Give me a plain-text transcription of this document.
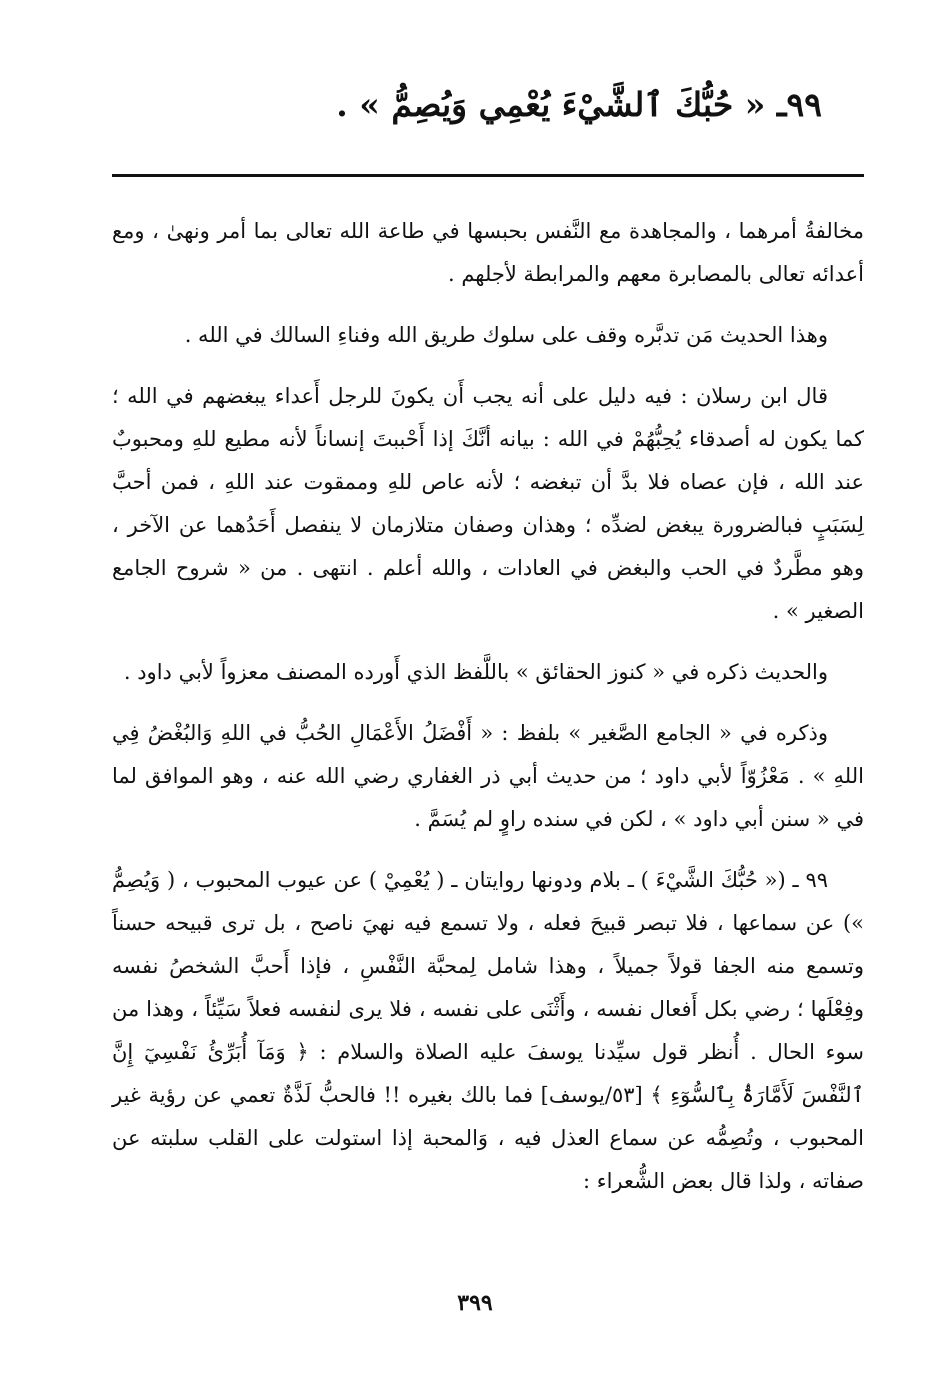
٩٩ـ « حُبُّكَ ٱلشَّيْءَ يُعْمِي وَيُصِمُّ » .

مخالفةُ أمرهما ، والمجاهدة مع النَّفس بحبسها في طاعة الله تعالى بما أمر ونهىٰ ، ومع أعدائه تعالى بالمصابرة معهم والمرابطة لأجلهم .

وهذا الحديث مَن تدبَّره وقف على سلوك طريق الله وفناءِ السالك في الله .

قال ابن رسلان : فيه دليل على أنه يجب أَن يكونَ للرجل أَعداء يبغضهم في الله ؛ كما يكون له أصدقاء يُحِبُّهُمْ في الله : بيانه أنَّكَ إذا أَحْببتَ إنساناً لأنه مطيع للهِ ومحبوبٌ عند الله ، فإن عصاه فلا بدَّ أن تبغضه ؛ لأنه عاص للهِ وممقوت عند اللهِ ، فمن أحبَّ لِسَبَبٍ فبالضرورة يبغض لضدِّه ؛ وهذان وصفان متلازمان لا ينفصل أَحَدُهما عن الآخر ، وهو مطَّردٌ في الحب والبغض في العادات ، والله أعلم . انتهى . من « شروح الجامع الصغير » .

والحديث ذكره في « كنوز الحقائق » باللَّفظ الذي أَورده المصنف معزواً لأبي داود .

وذكره في « الجامع الصَّغير » بلفظ : « أَفْضَلُ الأَعْمَالِ الحُبُّ في اللهِ وَالبُغْضُ فِي اللهِ » . مَعْزُوّاً لأبي داود ؛ من حديث أبي ذر الغفاري رضي الله عنه ، وهو الموافق لما في « سنن أبي داود » ، لكن في سنده راوٍ لم يُسَمَّ .

٩٩ ـ (« حُبُّكَ الشَّيْءَ ) ـ بلام ودونها روايتان ـ ( يُعْمِيْ ) عن عيوب المحبوب ، ( وَيُصِمُّ ») عن سماعها ، فلا تبصر قبيحَ فعله ، ولا تسمع فيه نهيَ ناصح ، بل ترى قبيحه حسناً وتسمع منه الجفا قولاً جميلاً ، وهذا شامل لِمحبَّة النَّفْسِ ، فإذا أَحبَّ الشخصُ نفسه وفِعْلَها ؛ رضي بكل أَفعال نفسه ، وأَثْنَى على نفسه ، فلا يرى لنفسه فعلاً سَيِّئاً ، وهذا من سوء الحال . أُنظر قول سيِّدنا يوسفَ عليه الصلاة والسلام : ﴿ وَمَآ أُبَرِّئُ نَفْسِيٓ إِنَّ ٱلنَّفْسَ لَأَمَّارَةُۢ بِٱلسُّوٓءِ ﴾ [٥٣/يوسف] فما بالك بغيره !! فالحبُّ لَذَّةٌ تعمي عن رؤية غير المحبوب ، وتُصِمُّه عن سماع العذل فيه ، وَالمحبة إذا استولت على القلب سلبته عن صفاته ، ولذا قال بعض الشُّعراء :

٣٩٩
